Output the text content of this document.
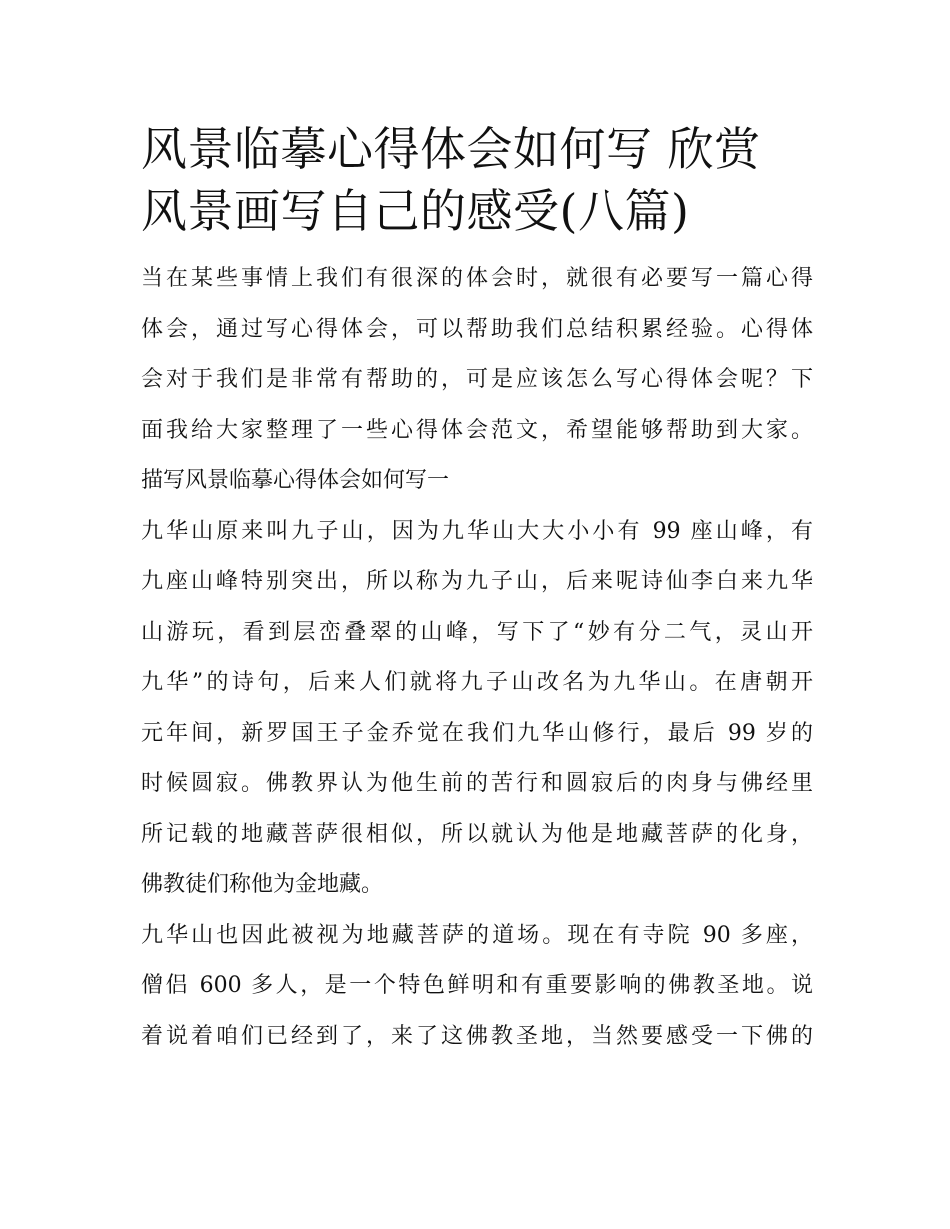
风景临摹心得体会如何写 欣赏
风景画写自己的感受(八篇)
当在某些事情上我们有很深的体会时，就很有必要写一篇心得
体会，通过写心得体会，可以帮助我们总结积累经验。心得体
会对于我们是非常有帮助的，可是应该怎么写心得体会呢？下
面我给大家整理了一些心得体会范文，希望能够帮助到大家。
描写风景临摹心得体会如何写一
九华山原来叫九子山，因为九华山大大小小有 99 座山峰，有
九座山峰特别突出，所以称为九子山，后来呢诗仙李白来九华
山游玩，看到层峦叠翠的山峰，写下了“妙有分二气，灵山开
九华”的诗句，后来人们就将九子山改名为九华山。在唐朝开
元年间，新罗国王子金乔觉在我们九华山修行，最后 99 岁的
时候圆寂。佛教界认为他生前的苦行和圆寂后的肉身与佛经里
所记载的地藏菩萨很相似，所以就认为他是地藏菩萨的化身，
佛教徒们称他为金地藏。
九华山也因此被视为地藏菩萨的道场。现在有寺院 90 多座，
僧侣 600 多人，是一个特色鲜明和有重要影响的佛教圣地。说
着说着咱们已经到了，来了这佛教圣地，当然要感受一下佛的
